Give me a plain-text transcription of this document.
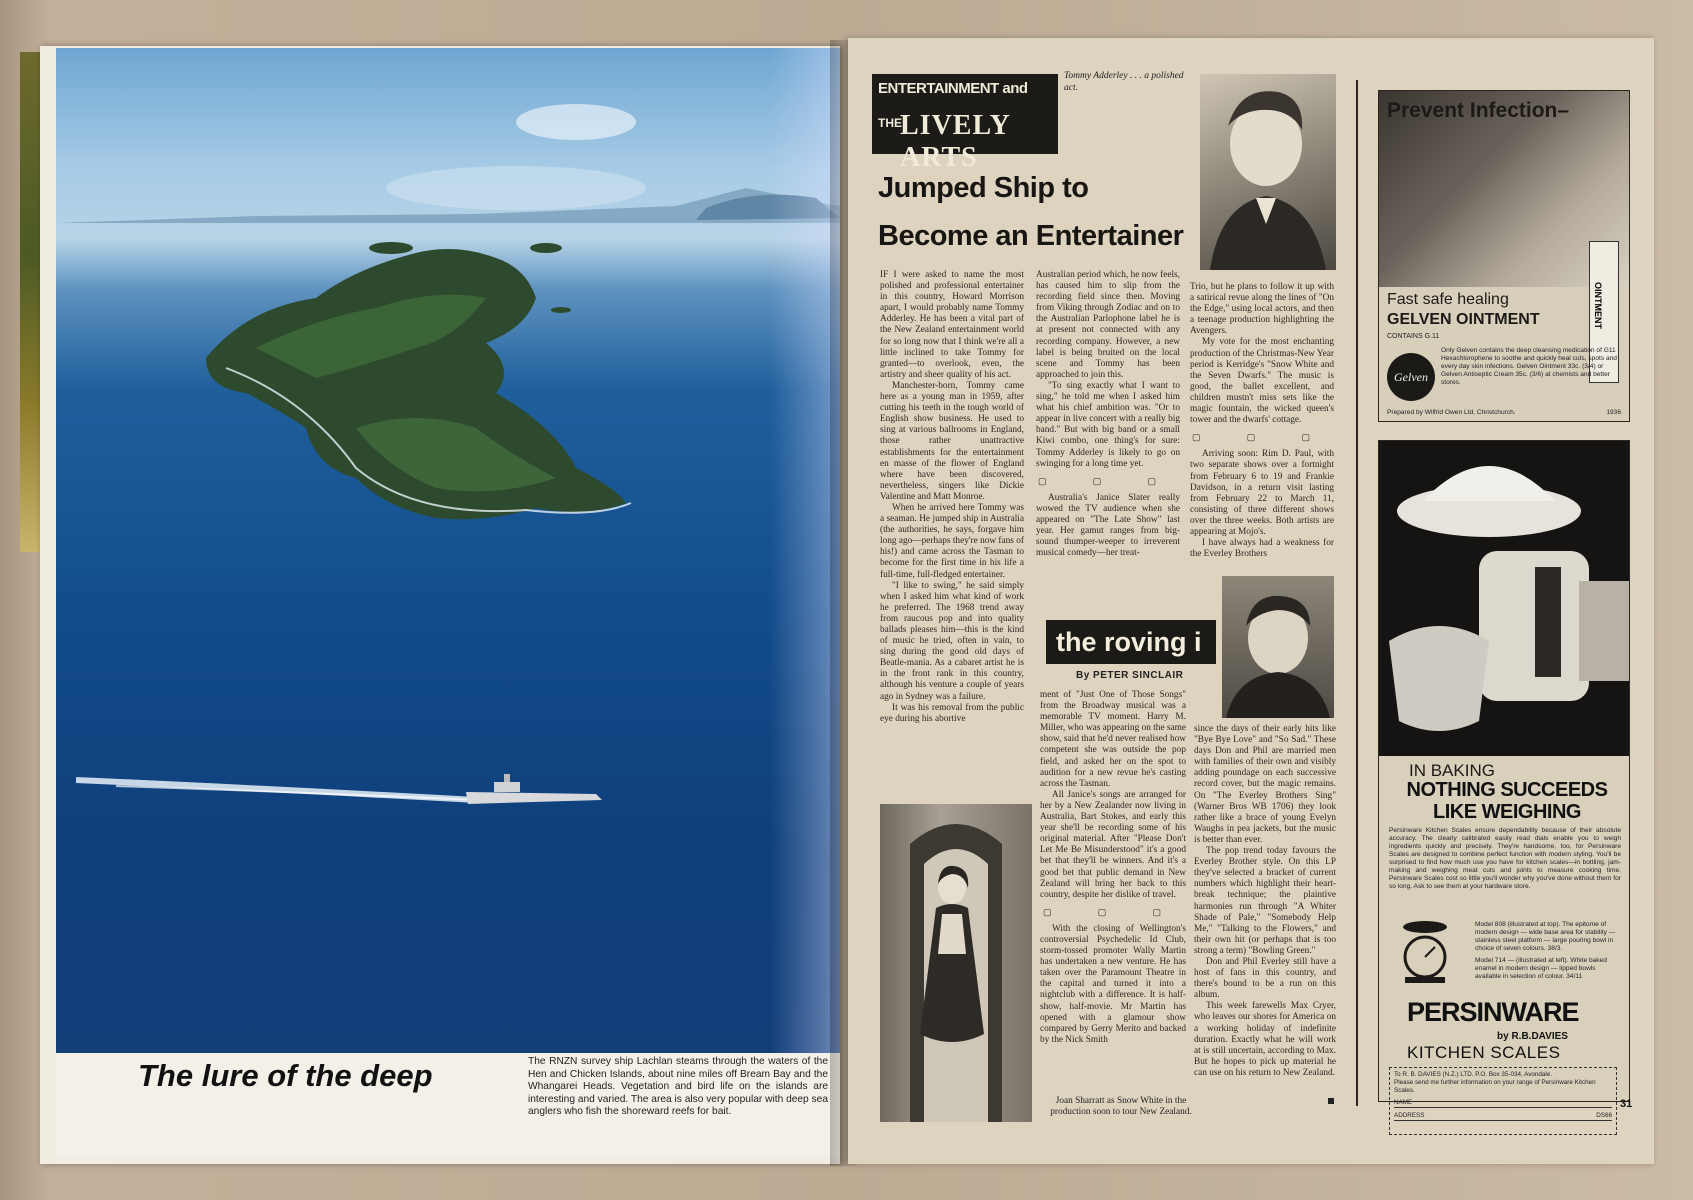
The lure of the deep	The RNZN survey ship Lachlan steams through the waters of the Hen and Chicken Islands, about nine miles off Bream Bay and the Whangarei Heads. Vegetation and bird life on the islands are interesting and varied. The area is also very popular with deep sea anglers who fish the shoreward reefs for bait.
ENTERTAINMENT and
THE
LIVELY ARTS
Tommy Adderley . . . a polished act.
Jumped Ship to
Become an Entertainer

IF I were asked to name the most polished and professional entertainer in this country, Howard Morrison apart, I would probably name Tommy Adderley. He has been a vital part of the New Zealand entertainment world for so long now that I think we're all a little inclined to take Tommy for granted—to overlook, even, the artistry and sheer quality of his act.

Manchester-born, Tommy came here as a young man in 1959, after cutting his teeth in the tough world of English show business. He used to sing at various ballrooms in England, those rather unattractive establishments for the entertainment en masse of the flower of England where have been discovered, nevertheless, singers like Dickie Valentine and Matt Monroe.

When he arrived here Tommy was a seaman. He jumped ship in Australia (the authorities, he says, forgave him long ago—perhaps they're now fans of his!) and came across the Tasman to become for the first time in his life a full-time, full-fledged entertainer.

"I like to swing," he said simply when I asked him what kind of work he preferred. The 1968 trend away from raucous pop and into quality ballads pleases him—this is the kind of music he tried, often in vain, to sing during the good old days of Beatle-mania. As a cabaret artist he is in the front rank in this country, although his venture a couple of years ago in Sydney was a failure.

It was his removal from the public eye during his abortive

Australian period which, he now feels, has caused him to slip from the recording field since then. Moving from Viking through Zodiac and on to the Australian Parlophone label he is at present not connected with any recording company. However, a new label is being bruited on the local scene and Tommy has been approached to join this.

"To sing exactly what I want to sing," he told me when I asked him what his chief ambition was. "Or to appear in live concert with a really big band." But with big band or a small Kiwi combo, one thing's for sure: Tommy Adderley is likely to go on swinging for a long time yet.

▢ ▢ ▢

Australia's Janice Slater really wowed the TV audience when she appeared on "The Late Show" last year. Her gamut ranges from big-sound thumper-weeper to irreverent musical comedy—her treat-

Trio, but he plans to follow it up with a satirical revue along the lines of "On the Edge," using local actors, and then a teenage production highlighting the Avengers.

My vote for the most enchanting production of the Christmas-New Year period is Kerridge's "Snow White and the Seven Dwarfs." The music is good, the ballet excellent, and children mustn't miss sets like the magic fountain, the wicked queen's tower and the dwarfs' cottage.

▢ ▢ ▢

Arriving soon: Rim D. Paul, with two separate shows over a fortnight from February 6 to 19 and Frankie Davidson, in a return visit lasting from February 22 to March 11, consisting of three different shows over the three weeks. Both artists are appearing at Mojo's.

I have always had a weakness for the Everley Brothers

the roving i
By PETER SINCLAIR

ment of "Just One of Those Songs" from the Broadway musical was a memorable TV moment. Harry M. Miller, who was appearing on the same show, said that he'd never realised how competent she was outside the pop field, and asked her on the spot to audition for a new revue he's casting across the Tasman.

All Janice's songs are arranged for her by a New Zealander now living in Australia, Bart Stokes, and early this year she'll be recording some of his original material. After "Please Don't Let Me Be Misunderstood" it's a good bet that they'll be winners. And it's a good bet that public demand in New Zealand will bring her back to this country, despite her dislike of travel.

▢ ▢ ▢

With the closing of Wellington's controversial Psychedelic Id Club, storm-tossed promoter Wally Martin has undertaken a new venture. He has taken over the Paramount Theatre in the capital and turned it into a nightclub with a difference. It is half-show, half-movie. Mr Martin has opened with a glamour show compared by Gerry Merito and backed by the Nick Smith

since the days of their early hits like "Bye Bye Love" and "So Sad." These days Don and Phil are married men with families of their own and visibly adding poundage on each successive record cover, but the magic remains. On "The Everley Brothers Sing" (Warner Bros WB 1706) they look rather like a brace of young Evelyn Waughs in pea jackets, but the music is better than ever.

The pop trend today favours the Everley Brother style. On this LP they've selected a bracket of current numbers which highlight their heart-break technique; the plaintive harmonies run through "A Whiter Shade of Pale," "Somebody Help Me," "Talking to the Flowers," and their own hit (or perhaps that is too strong a term) "Bowling Green."

Don and Phil Everley still have a host of fans in this country, and there's bound to be a run on this album.

This week farewells Max Cryer, who leaves our shores for America on a working holiday of indefinite duration. Exactly what he will work at is still uncertain, according to Max. But he hopes to pick up material he can use on his return to New Zealand.

Joan Sharratt as Snow White in the production soon to tour New Zealand.
Prevent Infection–
OINTMENT
Fast safe healing
GELVEN OINTMENT
CONTAINS G.11
Gelven
Only Gelven contains the deep cleansing medication of G11 Hexachlorophene to soothe and quickly heal cuts, spots and every day skin infections. Gelven Ointment 33c. (3/4) or Gelven Antiseptic Cream 35c. (3/6) at chemists and better stores.
Prepared by Wilfrid Owen Ltd, Christchurch.	1936
IN BAKING
NOTHING SUCCEEDS LIKE WEIGHING
Persinware Kitchen Scales ensure dependability because of their absolute accuracy. The clearly calibrated easily read dials enable you to weigh ingredients quickly and precisely. They're handsome, too, for Persinware Scales are designed to combine perfect function with modern styling. You'll be surprised to find how much use you have for kitchen scales—in bottling, jam-making and weighing meat cuts and joints to measure cooking time. Persinware Scales cost so little you'll wonder why you've done without them for so long. Ask to see them at your hardware store.
Model 808 (illustrated at top). The epitome of modern design — wide base area for stability — stainless steel platform — large pouring bowl in choice of seven colours. 38/3.
Model 714 — (illustrated at left). White baked enamel in modern design — lipped bowls available in selection of colour. 34/11
PERSINWARE
by R.B.DAVIES
KITCHEN SCALES
To R. B. DAVIES (N.Z.) LTD. P.O. Box 35-034, Avondale.
Please send me further information on your range of Persinware Kitchen Scales.
NAME
ADDRESS	DS66
31
